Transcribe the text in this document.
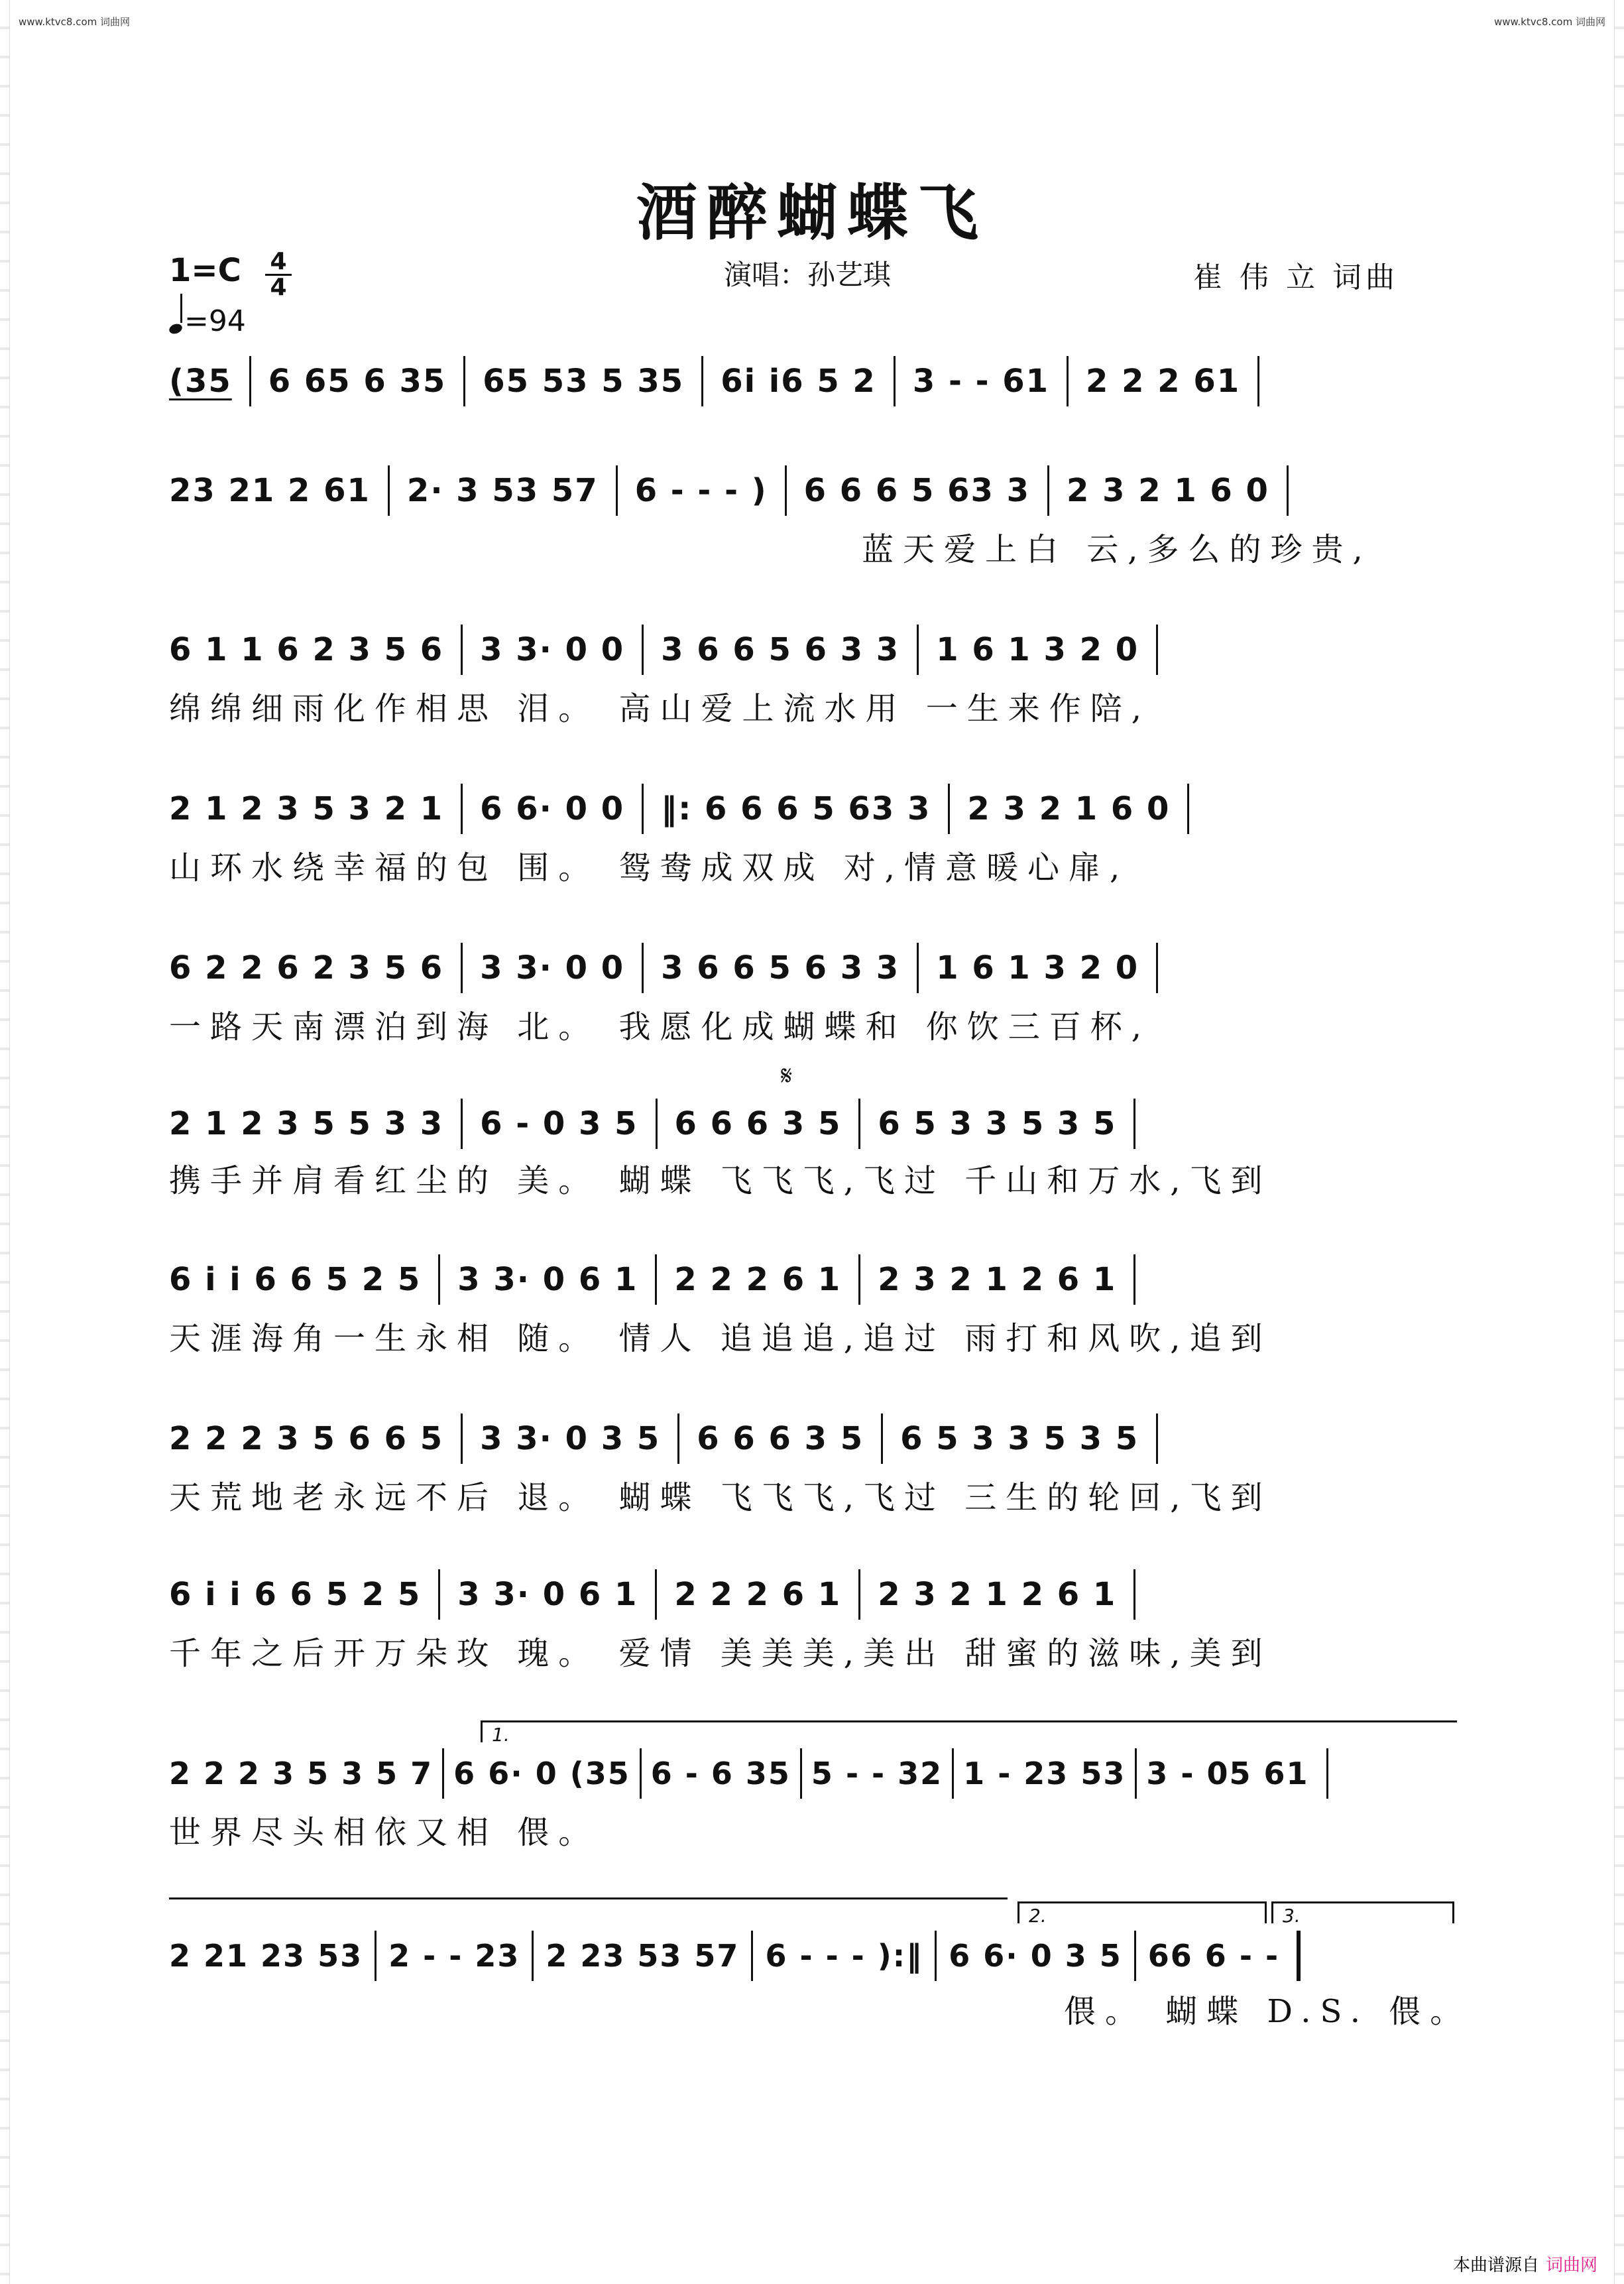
www.ktvc8.com 词曲网	www.ktvc8.com 词曲网
酒醉蝴蝶飞
1=C 4
4
=94
演唱：孙艺琪	崔 伟 立 词曲
(35 6 65 6 35 65 53 5 35 6i i6 5 2 3 - - 61 2 2 2 61
23 21 2 61 2· 3 53 57 6 - - - ) 6 6 6 5 63 3 2 3 2 1 6 0
蓝天爱上白 云,多么的珍贵,
6 1 1 6 2 3 5 6 3 3· 0 0 3 6 6 5 6 3 3 1 6 1 3 2 0
绵绵细雨化作相思 泪。 高山爱上流水用 一生来作陪,
2 1 2 3 5 3 2 1 6 6· 0 0 ‖: 6 6 6 5 63 3 2 3 2 1 6 0
山环水绕幸福的包 围。 鸳鸯成双成 对,情意暖心扉,
6 2 2 6 2 3 5 6 3 3· 0 0 3 6 6 5 6 3 3 1 6 1 3 2 0
一路天南漂泊到海 北。 我愿化成蝴蝶和 你饮三百杯,
𝄋
2 1 2 3 5 5 3 3 6 - 0 3 5 6 6 6 3 5 6 5 3 3 5 3 5
携手并肩看红尘的 美。 蝴蝶 飞飞飞,飞过 千山和万水,飞到
6 i i 6 6 5 2 5 3 3· 0 6 1 2 2 2 6 1 2 3 2 1 2 6 1
天涯海角一生永相 随。 情人 追追追,追过 雨打和风吹,追到
2 2 2 3 5 6 6 5 3 3· 0 3 5 6 6 6 3 5 6 5 3 3 5 3 5
天荒地老永远不后 退。 蝴蝶 飞飞飞,飞过 三生的轮回,飞到
6 i i 6 6 5 2 5 3 3· 0 6 1 2 2 2 6 1 2 3 2 1 2 6 1
千年之后开万朵玫 瑰。 爱情 美美美,美出 甜蜜的滋味,美到
1.
2 2 2 3 5 3 5 7 6 6· 0 (35 6 - 6 35 5 - - 32 1 - 23 53 3 - 05 61
世界尽头相依又相 偎。
2.	3.
2 21 23 53 2 - - 23 2 23 53 57 6 - - - ):‖ 6 6· 0 3 5 66 6 - -
偎。 蝴蝶 D.S. 偎。
本曲谱源自 词曲网
